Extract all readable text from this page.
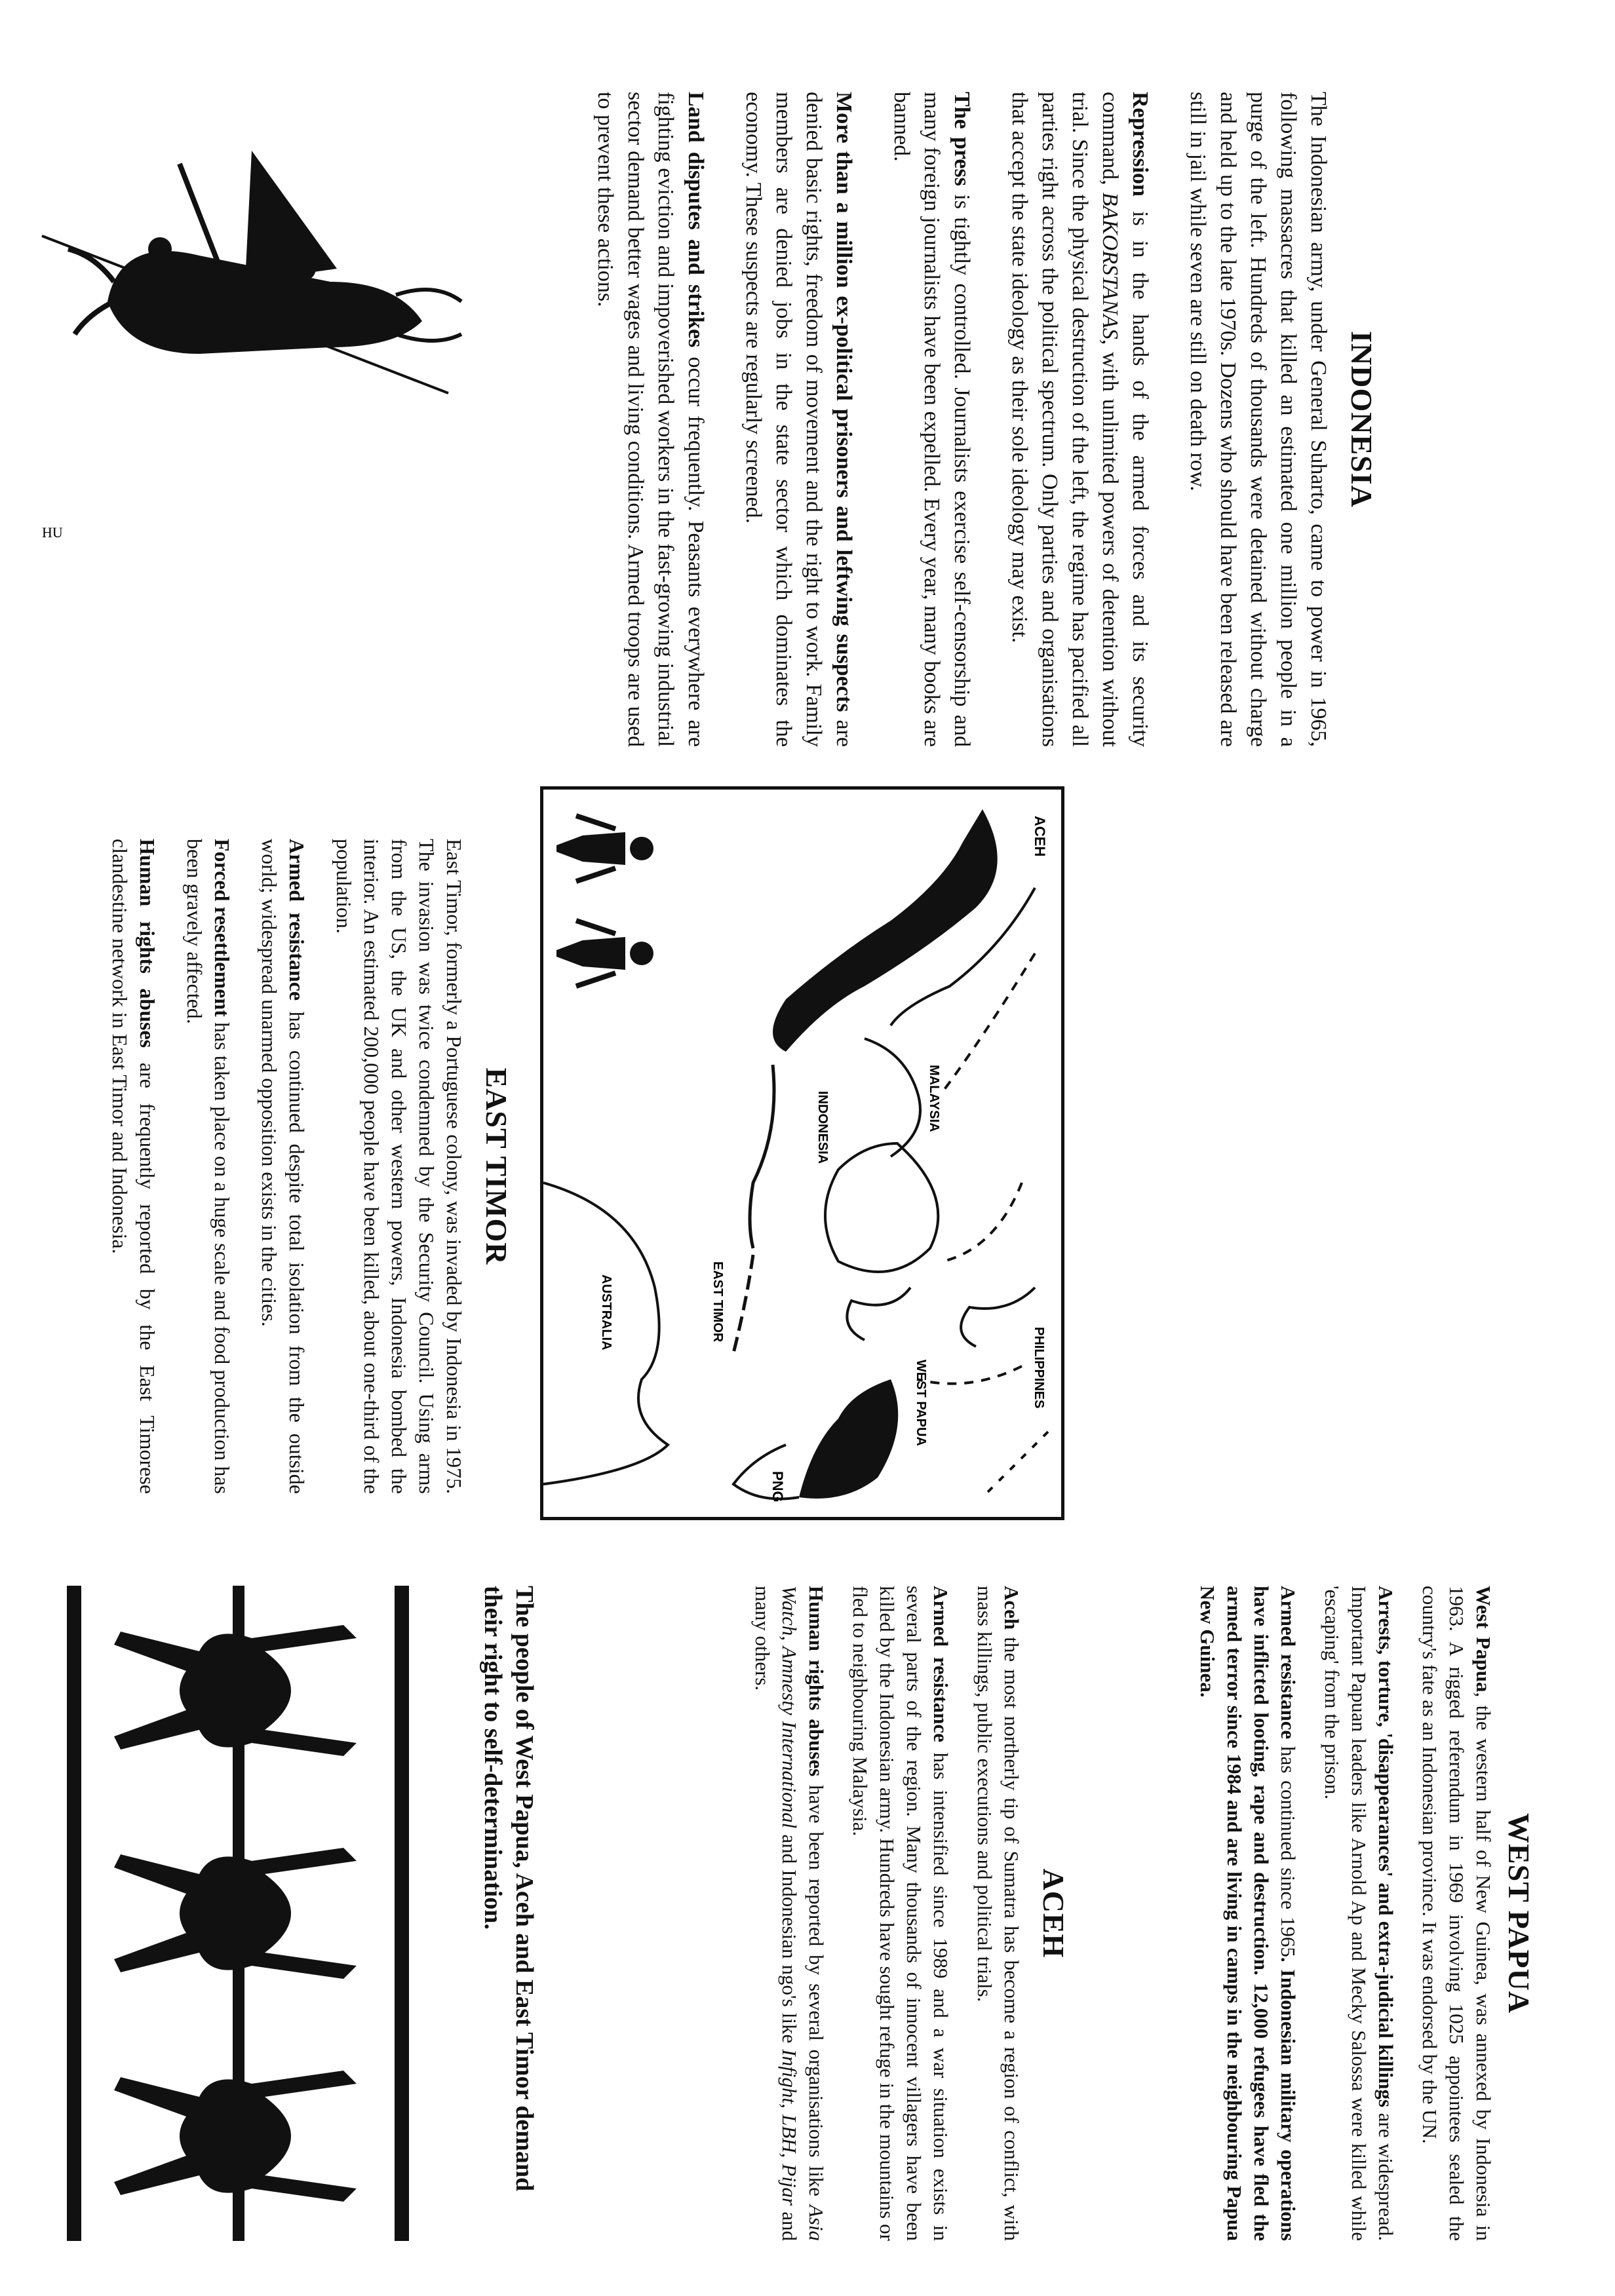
INDONESIA

The Indonesian army, under General Suharto, came to power in 1965, following massacres that killed an estimated one million people in a purge of the left. Hundreds of thousands were detained without charge and held up to the late 1970s. Dozens who should have been released are still in jail while seven are still on death row.

Repression is in the hands of the armed forces and its security command, BAKORSTANAS, with unlimited powers of detention without trial. Since the physical destruction of the left, the regime has pacified all parties right across the political spectrum. Only parties and organisations that accept the state ideology as their sole ideology may exist.

The press is tightly controlled. Journalists exercise self-censorship and many foreign journalists have been expelled. Every year, many books are banned.

More than a million ex-political prisoners and leftwing suspects are denied basic rights, freedom of movement and the right to work. Family members are denied jobs in the state sector which dominates the economy. These suspects are regularly screened.

Land disputes and strikes occur frequently. Peasants everywhere are fighting eviction and impoverished workers in the fast-growing industrial sector demand better wages and living conditions. Armed troops are used to prevent these actions.

HU
ACEH
MALAYSIA
INDONESIA
PHILIPPINES
WEST PAPUA
EAST TIMOR
AUSTRALIA
PNG
EAST TIMOR

East Timor, formerly a Portuguese colony, was invaded by Indonesia in 1975. The invasion was twice condemned by the Security Council. Using arms from the US, the UK and other western powers, Indonesia bombed the interior. An estimated 200,000 people have been killed, about one-third of the population.

Armed resistance has continued despite total isolation from the outside world; widespread unarmed opposition exists in the cities.

Forced resettlement has taken place on a huge scale and food production has been gravely affected.

Human rights abuses are frequently reported by the East Timorese clandestine network in East Timor and Indonesia.

WEST PAPUA

West Papua, the western half of New Guinea, was annexed by Indonesia in 1963. A rigged referendum in 1969 involving 1025 appointees sealed the country's fate as an Indonesian province. It was endorsed by the UN.

Arrests, torture, 'disappearances' and extra-judicial killings are widespread. Important Papuan leaders like Arnold Ap and Mecky Salossa were killed while 'escaping' from the prison.

Armed resistance has continued since 1965. Indonesian military operations have inflicted looting, rape and destruction. 12,000 refugees have fled the armed terror since 1984 and are living in camps in the neighbouring Papua New Guinea.

ACEH

Aceh the most northerly tip of Sumatra has become a region of conflict, with mass killings, public executions and political trials.

Armed resistance has intensified since 1989 and a war situation exists in several parts of the region. Many thousands of innocent villagers have been killed by the Indonesian army. Hundreds have sought refuge in the mountains or fled to neighbouring Malaysia.

Human rights abuses have been reported by several organisations like Asia Watch, Amnesty International and Indonesian ngo's like Infight, LBH, Pijar and many others.

The people of West Papua, Aceh and East Timor demand their right to self-determination.
